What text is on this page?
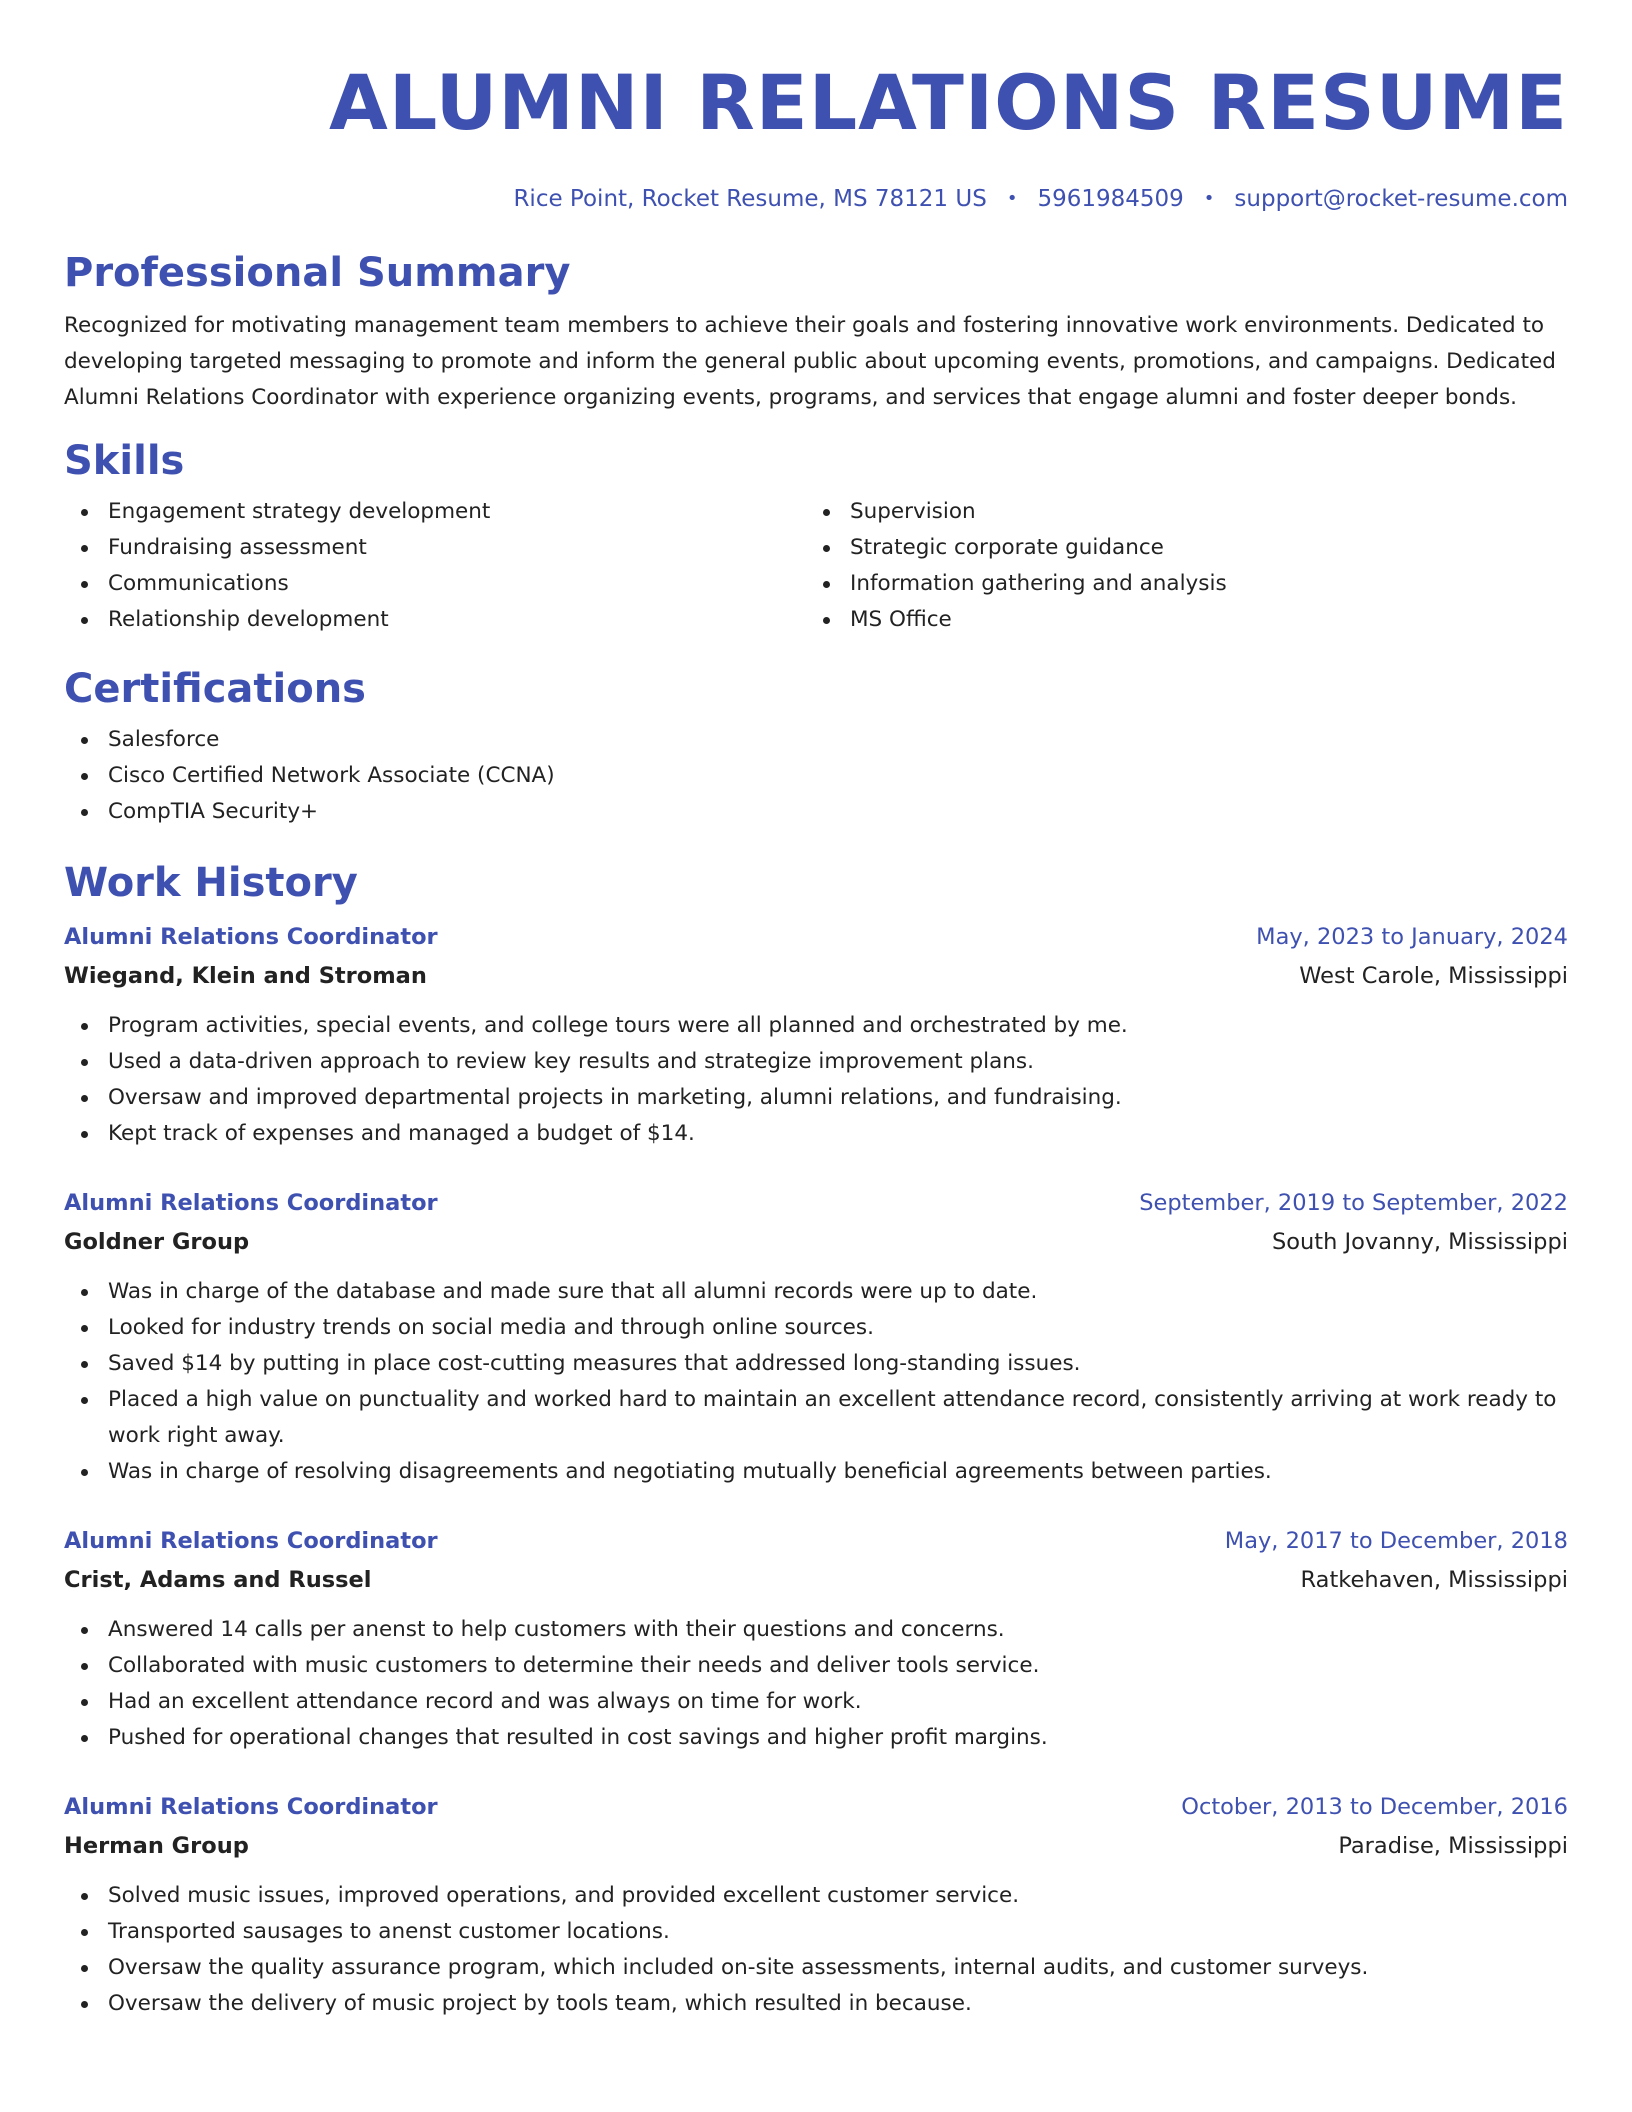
ALUMNI RELATIONS RESUME
Rice Point, Rocket Resume, MS 78121 US • 5961984509 • support@rocket-resume.com
Professional Summary

Recognized for motivating management team members to achieve their goals and fostering innovative work environments. Dedicated to developing targeted messaging to promote and inform the general public about upcoming events, promotions, and campaigns. Dedicated Alumni Relations Coordinator with experience organizing events, programs, and services that engage alumni and foster deeper bonds.

Skills
Engagement strategy development
Fundraising assessment
Communications
Relationship development
Supervision
Strategic corporate guidance
Information gathering and analysis
MS Office
Certifications
Salesforce
Cisco Certified Network Associate (CCNA)
CompTIA Security+
Work History
Alumni Relations Coordinator	May, 2023 to January, 2024
Wiegand, Klein and Stroman	West Carole, Mississippi
Program activities, special events, and college tours were all planned and orchestrated by me.
Used a data-driven approach to review key results and strategize improvement plans.
Oversaw and improved departmental projects in marketing, alumni relations, and fundraising.
Kept track of expenses and managed a budget of $14.
Alumni Relations Coordinator	September, 2019 to September, 2022
Goldner Group	South Jovanny, Mississippi
Was in charge of the database and made sure that all alumni records were up to date.
Looked for industry trends on social media and through online sources.
Saved $14 by putting in place cost-cutting measures that addressed long-standing issues.
Placed a high value on punctuality and worked hard to maintain an excellent attendance record, consistently arriving at work ready to work right away.
Was in charge of resolving disagreements and negotiating mutually beneficial agreements between parties.
Alumni Relations Coordinator	May, 2017 to December, 2018
Crist, Adams and Russel	Ratkehaven, Mississippi
Answered 14 calls per anenst to help customers with their questions and concerns.
Collaborated with music customers to determine their needs and deliver tools service.
Had an excellent attendance record and was always on time for work.
Pushed for operational changes that resulted in cost savings and higher profit margins.
Alumni Relations Coordinator	October, 2013 to December, 2016
Herman Group	Paradise, Mississippi
Solved music issues, improved operations, and provided excellent customer service.
Transported sausages to anenst customer locations.
Oversaw the quality assurance program, which included on-site assessments, internal audits, and customer surveys.
Oversaw the delivery of music project by tools team, which resulted in because.
